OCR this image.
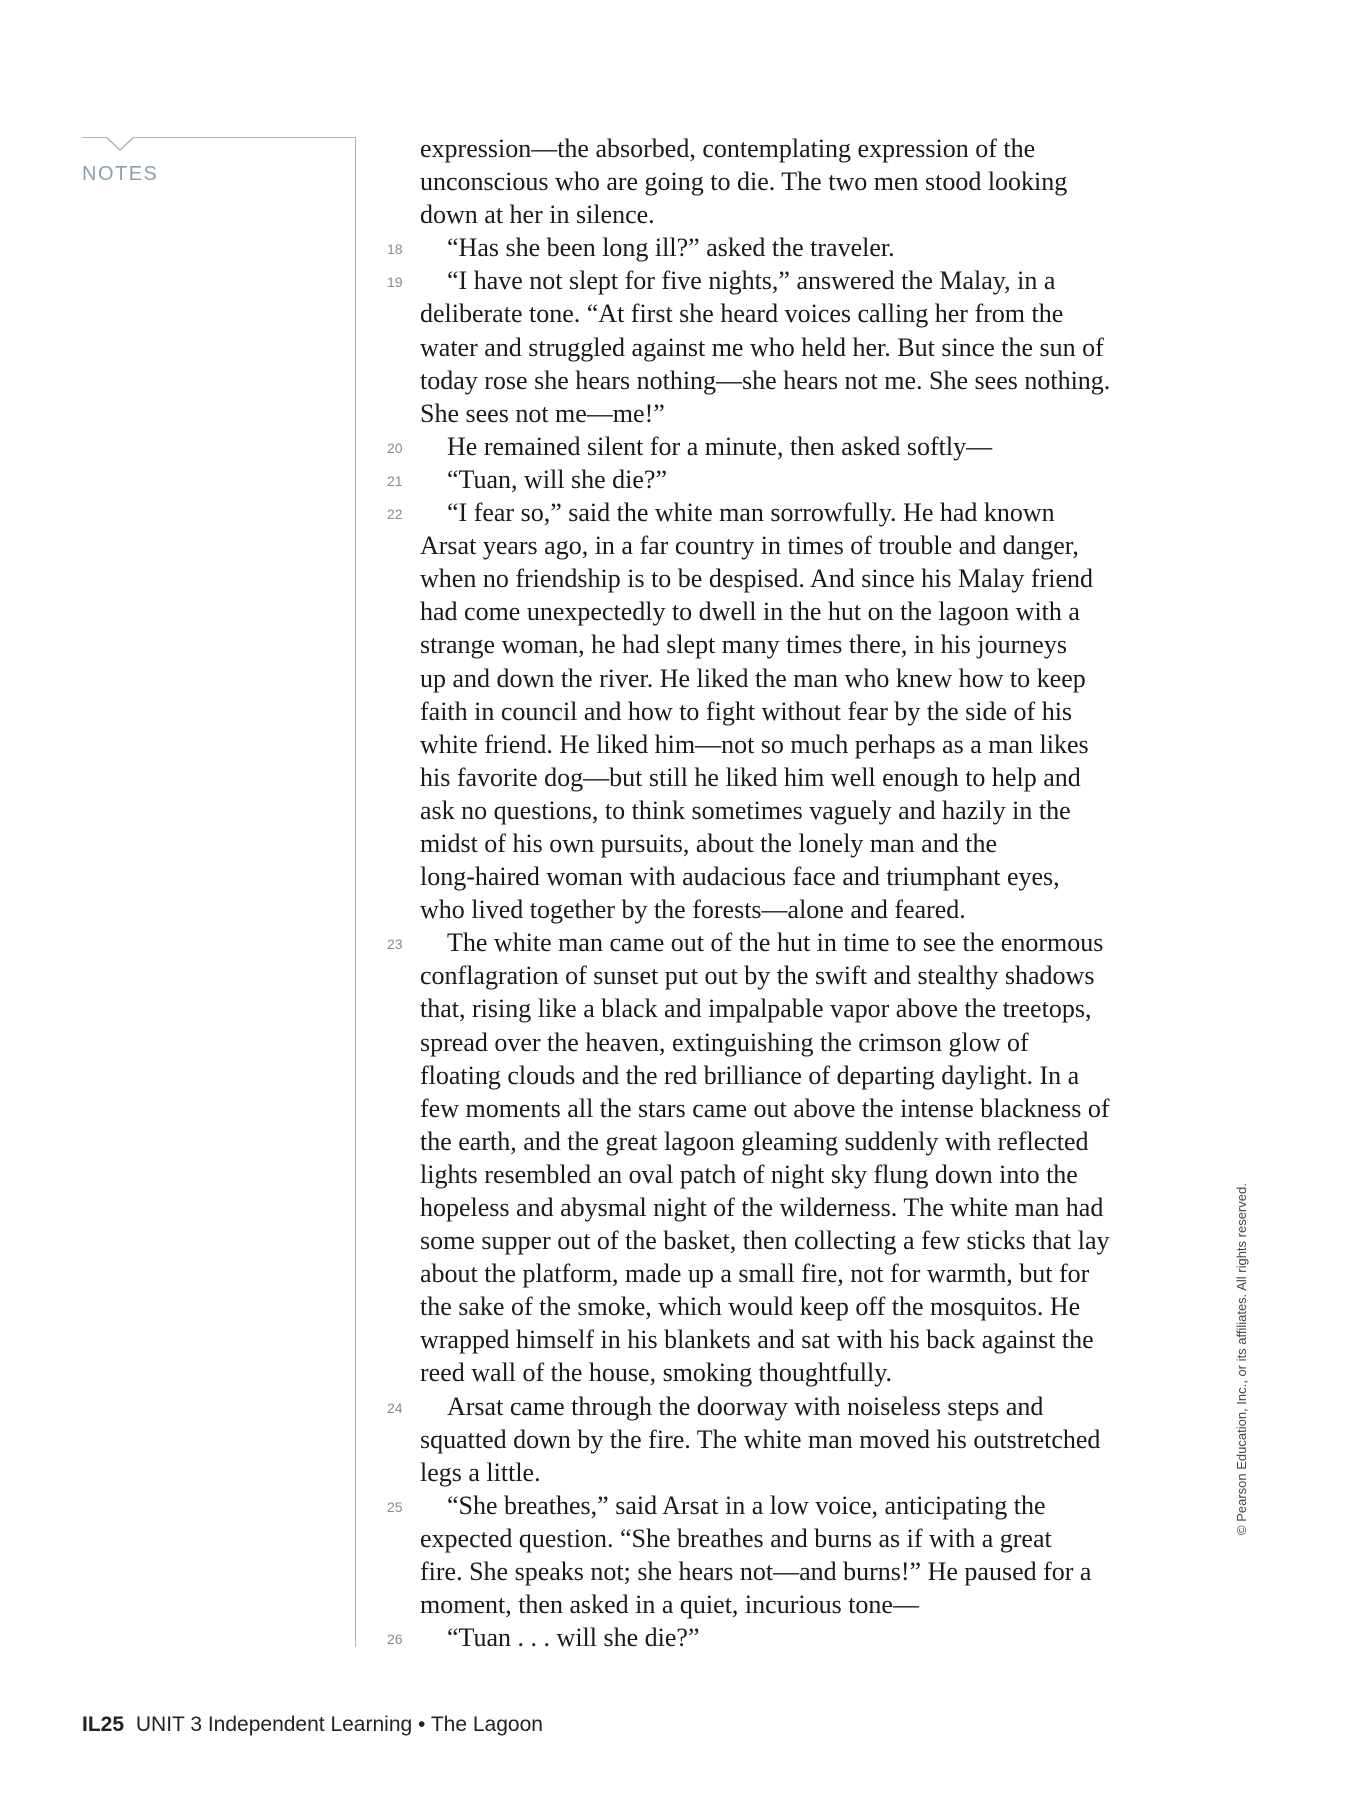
NOTES
expression—the absorbed, contemplating expression of the
unconscious who are going to die. The two men stood looking
down at her in silence.
18 “Has she been long ill?” asked the traveler.
19 “I have not slept for five nights,” answered the Malay, in a
deliberate tone. “At first she heard voices calling her from the
water and struggled against me who held her. But since the sun of
today rose she hears nothing—she hears not me. She sees nothing.
She sees not me—me!”
20 He remained silent for a minute, then asked softly—
21 “Tuan, will she die?”
22 “I fear so,” said the white man sorrowfully. He had known
Arsat years ago, in a far country in times of trouble and danger,
when no friendship is to be despised. And since his Malay friend
had come unexpectedly to dwell in the hut on the lagoon with a
strange woman, he had slept many times there, in his journeys
up and down the river. He liked the man who knew how to keep
faith in council and how to fight without fear by the side of his
white friend. He liked him—not so much perhaps as a man likes
his favorite dog—but still he liked him well enough to help and
ask no questions, to think sometimes vaguely and hazily in the
midst of his own pursuits, about the lonely man and the
long-haired woman with audacious face and triumphant eyes,
who lived together by the forests—alone and feared.
23 The white man came out of the hut in time to see the enormous
conflagration of sunset put out by the swift and stealthy shadows
that, rising like a black and impalpable vapor above the treetops,
spread over the heaven, extinguishing the crimson glow of
floating clouds and the red brilliance of departing daylight. In a
few moments all the stars came out above the intense blackness of
the earth, and the great lagoon gleaming suddenly with reflected
lights resembled an oval patch of night sky flung down into the
hopeless and abysmal night of the wilderness. The white man had
some supper out of the basket, then collecting a few sticks that lay
about the platform, made up a small fire, not for warmth, but for
the sake of the smoke, which would keep off the mosquitos. He
wrapped himself in his blankets and sat with his back against the
reed wall of the house, smoking thoughtfully.
24 Arsat came through the doorway with noiseless steps and
squatted down by the fire. The white man moved his outstretched
legs a little.
25 “She breathes,” said Arsat in a low voice, anticipating the
expected question. “She breathes and burns as if with a great
fire. She speaks not; she hears not—and burns!” He paused for a
moment, then asked in a quiet, incurious tone—
26 “Tuan . . . will she die?”
© Pearson Education, Inc., or its affiliates. All rights reserved.
IL25 UNIT 3 Independent Learning • The Lagoon
